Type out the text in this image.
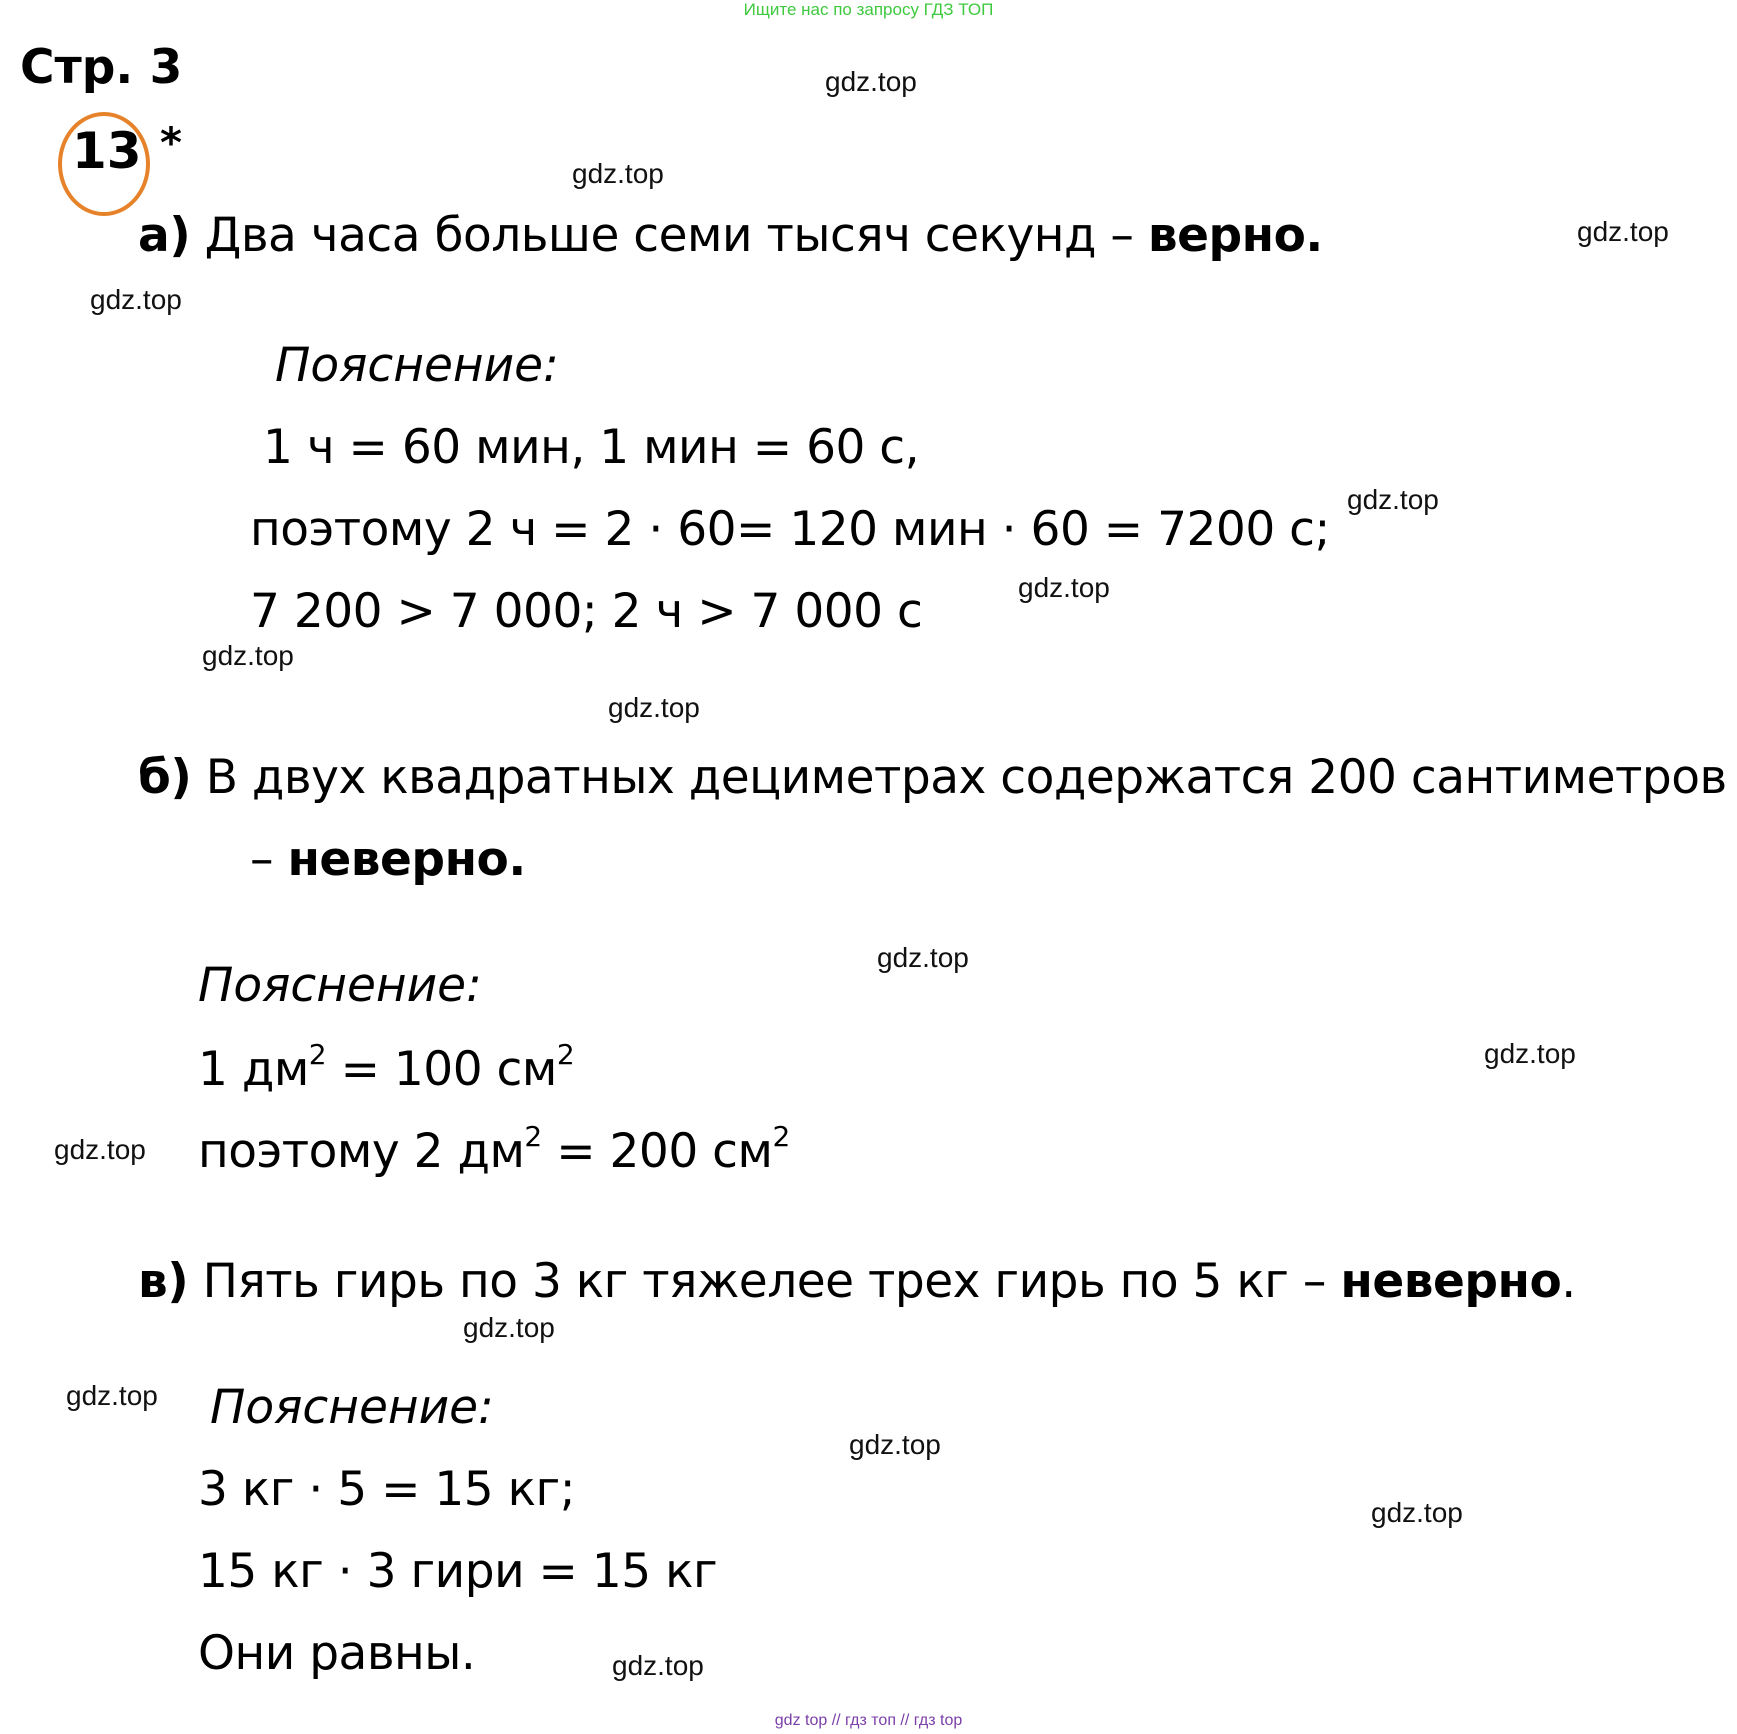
Ищите нас по запросу ГДЗ ТОП
Стр. 3
13 *
а) Два часа больше семи тысяч секунд – верно.
Пояснение:
1 ч = 60 мин, 1 мин = 60 с,
поэтому 2 ч = 2 · 60= 120 мин · 60 = 7200 с;
7 200 > 7 000; 2 ч > 7 000 с
б) В двух квадратных дециметрах содержатся 200 сантиметров
– неверно.
Пояснение:
1 $дм^2 = 100$ $см^2$
поэтому 2 $дм^2 = 200$ $см^2$
в) Пять гирь по 3 кг тяжелее трех гирь по 5 кг – неверно.
Пояснение:
3 кг · 5 = 15 кг;
15 кг · 3 гири = 15 кг
Они равны.
gdz.top
gdz.top
gdz.top
gdz.top
gdz.top
gdz.top
gdz.top
gdz.top
gdz.top
gdz.top
gdz.top
gdz.top
gdz.top
gdz.top
gdz.top
gdz.top
gdz top // гдз топ // гдз top
